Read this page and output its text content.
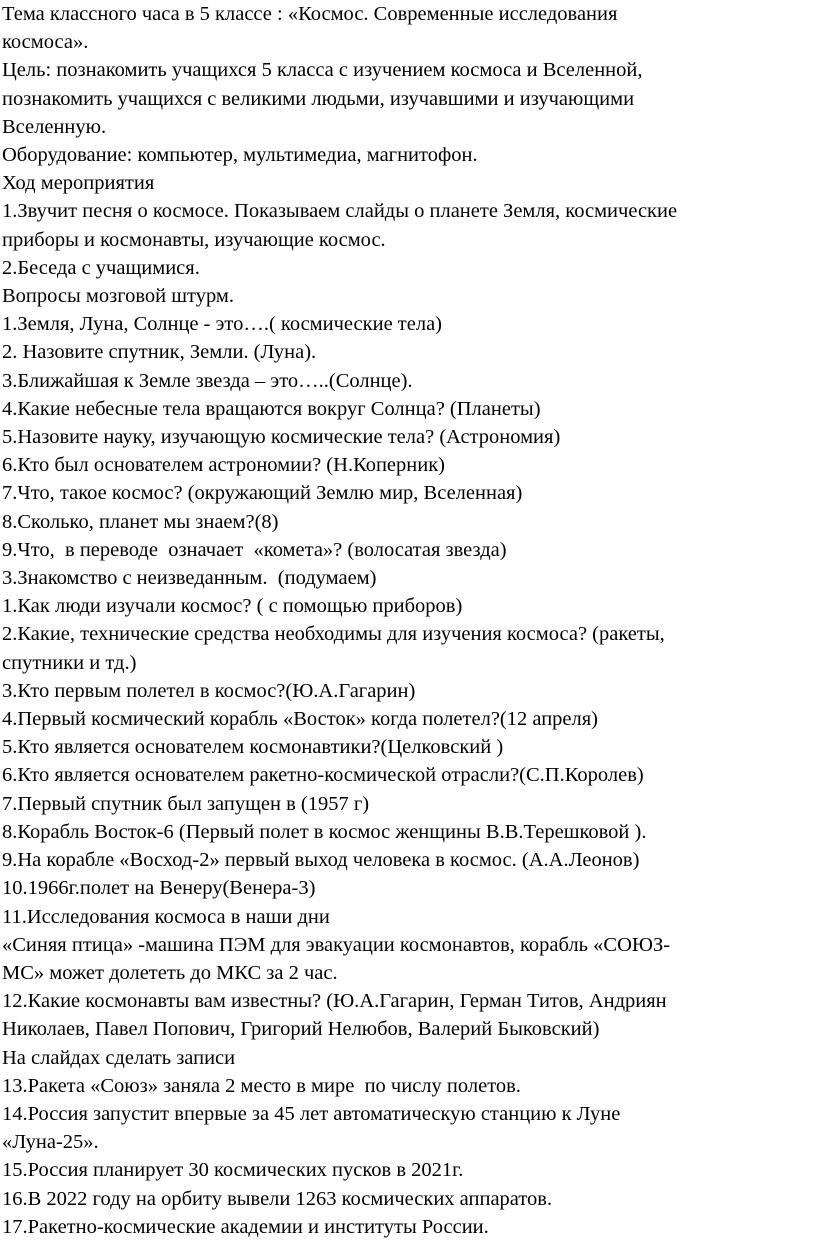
Тема классного часа в 5 классе : «Космос. Современные исследования
космоса».
Цель: познакомить учащихся 5 класса с изучением космоса и Вселенной,
познакомить учащихся с великими людьми, изучавшими и изучающими
Вселенную.
Оборудование: компьютер, мультимедиа, магнитофон.
Ход мероприятия
1.Звучит песня о космосе. Показываем слайды о планете Земля, космические
приборы и космонавты, изучающие космос.
2.Беседа с учащимися.
Вопросы мозговой штурм.
1.Земля, Луна, Солнце - это….( космические тела)
2. Назовите спутник, Земли. (Луна).
3.Ближайшая к Земле звезда – это…..(Солнце).
4.Какие небесные тела вращаются вокруг Солнца? (Планеты)
5.Назовите науку, изучающую космические тела? (Астрономия)
6.Кто был основателем астрономии? (Н.Коперник)
7.Что, такое космос? (окружающий Землю мир, Вселенная)
8.Сколько, планет мы знаем?(8)
9.Что,  в переводе  означает  «комета»? (волосатая звезда)
3.Знакомство с неизведанным.  (подумаем)
1.Как люди изучали космос? ( с помощью приборов)
2.Какие, технические средства необходимы для изучения космоса? (ракеты,
спутники и тд.)
3.Кто первым полетел в космос?(Ю.А.Гагарин)
4.Первый космический корабль «Восток» когда полетел?(12 апреля)
5.Кто является основателем космонавтики?(Целковский )
6.Кто является основателем ракетно-космической отрасли?(С.П.Королев)
7.Первый спутник был запущен в (1957 г)
8.Корабль Восток-6 (Первый полет в космос женщины В.В.Терешковой ).
9.На корабле «Восход-2» первый выход человека в космос. (А.А.Леонов)
10.1966г.полет на Венеру(Венера-3)
11.Исследования космоса в наши дни
«Синяя птица» -машина ПЭМ для эвакуации космонавтов, корабль «СОЮЗ-
МС» может долететь до МКС за 2 час.
12.Какие космонавты вам известны? (Ю.А.Гагарин, Герман Титов, Андриян
Николаев, Павел Попович, Григорий Нелюбов, Валерий Быковский)
На слайдах сделать записи
13.Ракета «Союз» заняла 2 место в мире  по числу полетов.
14.Россия запустит впервые за 45 лет автоматическую станцию к Луне
«Луна-25».
15.Россия планирует 30 космических пусков в 2021г.
16.В 2022 году на орбиту вывели 1263 космических аппаратов.
17.Ракетно-космические академии и институты России.
